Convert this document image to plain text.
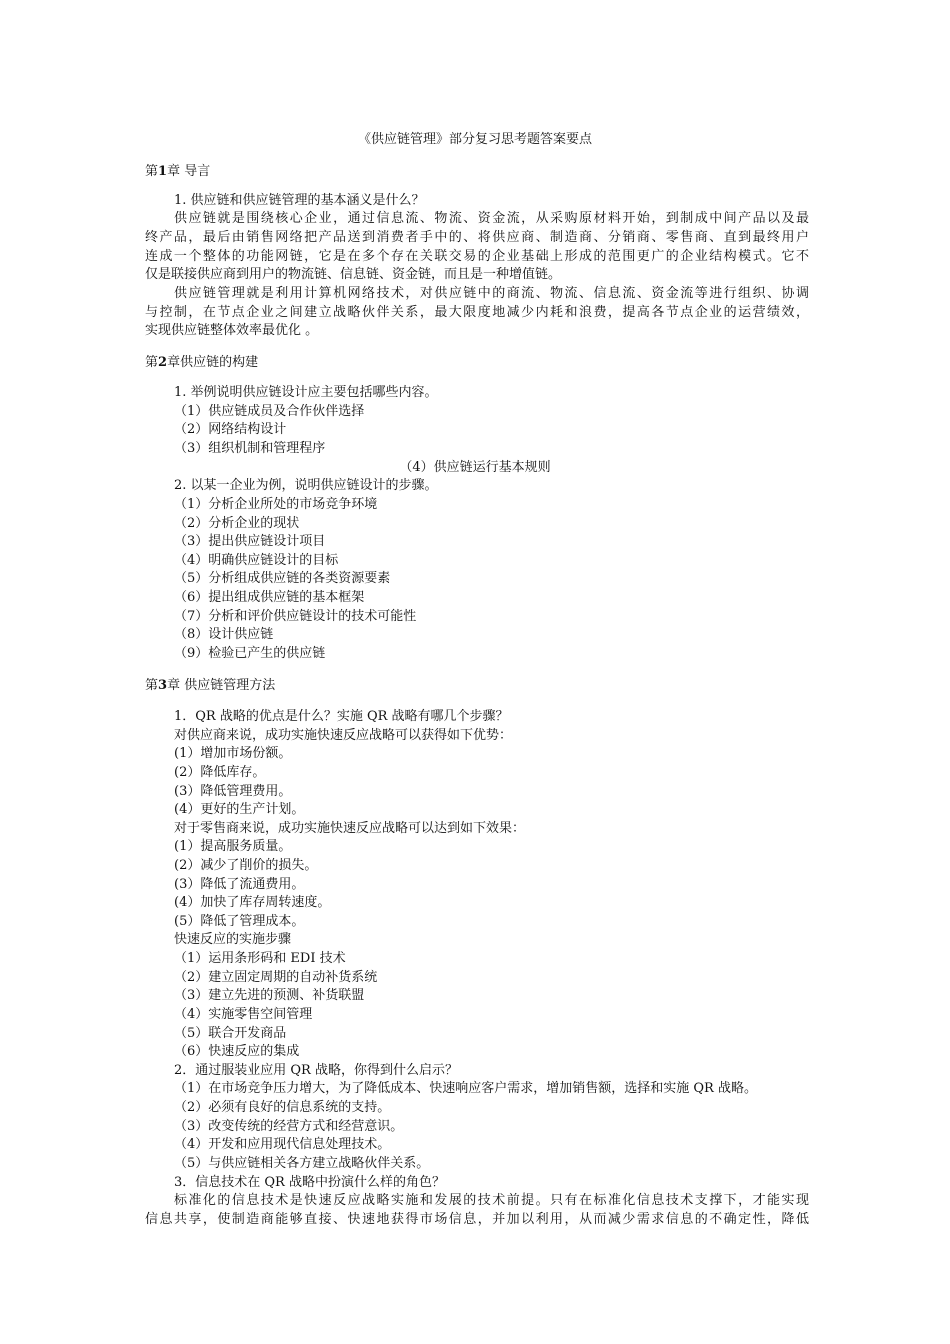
《供应链管理》部分复习思考题答案要点
第1章 导言
1. 供应链和供应链管理的基本涵义是什么？
供应链就是围绕核心企业，通过信息流、物流、资金流，从采购原材料开始，到制成中间产品以及最
终产品，最后由销售网络把产品送到消费者手中的、将供应商、制造商、分销商、零售商、直到最终用户
连成一个整体的功能网链，它是在多个存在关联交易的企业基础上形成的范围更广的企业结构模式。它不
仅是联接供应商到用户的物流链、信息链、资金链，而且是一种增值链。
供应链管理就是利用计算机网络技术，对供应链中的商流、物流、信息流、资金流等进行组织、协调
与控制，在节点企业之间建立战略伙伴关系，最大限度地减少内耗和浪费，提高各节点企业的运营绩效，
实现供应链整体效率最优化 。
第2章供应链的构建
1. 举例说明供应链设计应主要包括哪些内容。
（1）供应链成员及合作伙伴选择
（2）网络结构设计
（3）组织机制和管理程序
（4）供应链运行基本规则
2. 以某一企业为例，说明供应链设计的步骤。
（1）分析企业所处的市场竞争环境
（2）分析企业的现状
（3）提出供应链设计项目
（4）明确供应链设计的目标
（5）分析组成供应链的各类资源要素
（6）提出组成供应链的基本框架
（7）分析和评价供应链设计的技术可能性
（8）设计供应链
（9）检验已产生的供应链
第3章 供应链管理方法
1．QR 战略的优点是什么？实施 QR 战略有哪几个步骤？
对供应商来说，成功实施快速反应战略可以获得如下优势：
(1）增加市场份额。
(2）降低库存。
(3）降低管理费用。
(4）更好的生产计划。
对于零售商来说，成功实施快速反应战略可以达到如下效果：
(1）提高服务质量。
(2）减少了削价的损失。
(3）降低了流通费用。
(4）加快了库存周转速度。
(5）降低了管理成本。
快速反应的实施步骤
（1）运用条形码和 EDI 技术
（2）建立固定周期的自动补货系统
（3）建立先进的预测、补货联盟
（4）实施零售空间管理
（5）联合开发商品
（6）快速反应的集成
2．通过服装业应用 QR 战略，你得到什么启示？
（1）在市场竞争压力增大，为了降低成本、快速响应客户需求，增加销售额，选择和实施 QR 战略。
（2）必须有良好的信息系统的支持。
（3）改变传统的经营方式和经营意识。
（4）开发和应用现代信息处理技术。
（5）与供应链相关各方建立战略伙伴关系。
3．信息技术在 QR 战略中扮演什么样的角色？
标准化的信息技术是快速反应战略实施和发展的技术前提。只有在标准化信息技术支撑下，才能实现
信息共享，使制造商能够直接、快速地获得市场信息，并加以利用，从而减少需求信息的不确定性，降低
